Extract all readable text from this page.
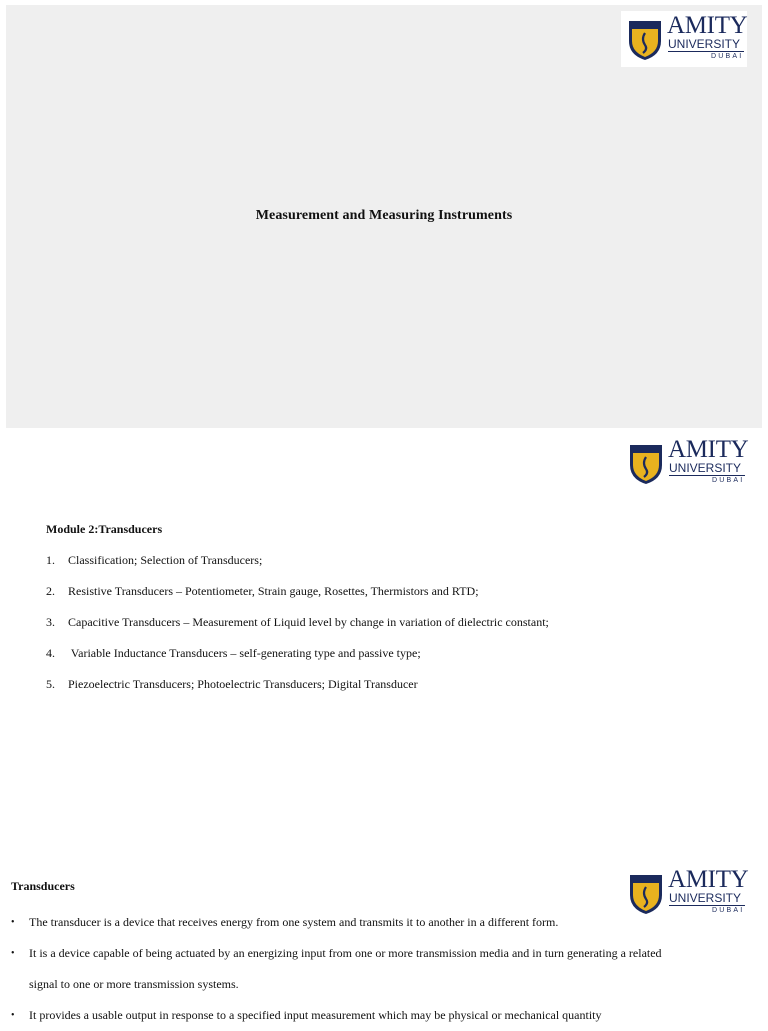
AMITY
UNIVERSITY
DUBAI
Measurement and Measuring Instruments
AMITY
UNIVERSITY
DUBAI
Module 2:Transducers
1.	Classification; Selection of Transducers;
2.	Resistive Transducers – Potentiometer, Strain gauge, Rosettes, Thermistors and RTD;
3.	Capacitive Transducers – Measurement of Liquid level by change in variation of dielectric constant;
4.	Variable Inductance Transducers – self-generating type and passive type;
5.	Piezoelectric Transducers; Photoelectric Transducers; Digital Transducer
AMITY
UNIVERSITY
DUBAI
Transducers
•	The transducer is a device that receives energy from one system and transmits it to another in a different form.
•	It is a device capable of being actuated by an energizing input from one or more transmission media and in turn generating a related signal to one or more transmission systems.
•	It provides a usable output in response to a specified input measurement which may be physical or mechanical quantity
